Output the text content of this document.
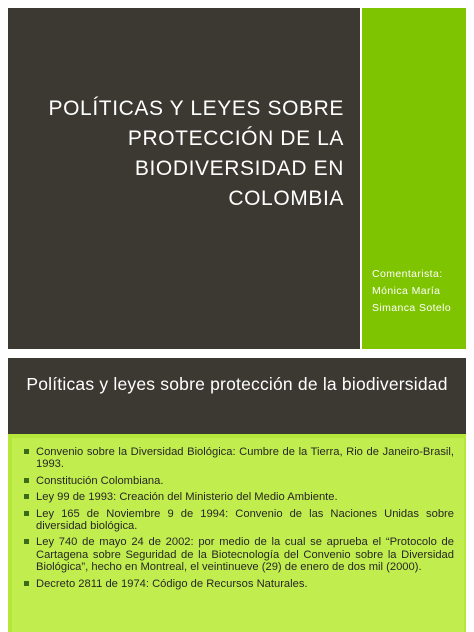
POLÍTICAS Y LEYES SOBRE PROTECCIÓN DE LA BIODIVERSIDAD EN COLOMBIA
Comentarista:
Mónica María Simanca Sotelo
Políticas y leyes sobre protección de la biodiversidad
Convenio sobre la Diversidad Biológica: Cumbre de la Tierra, Rio de Janeiro-Brasil, 1993.
Constitución Colombiana.
Ley 99 de 1993: Creación del Ministerio del Medio Ambiente.
Ley 165 de Noviembre 9 de 1994: Convenio de las Naciones Unidas sobre diversidad biológica.
Ley 740 de mayo 24 de 2002: por medio de la cual se aprueba el “Protocolo de Cartagena sobre Seguridad de la Biotecnología del Convenio sobre la Diversidad Biológica”, hecho en Montreal, el veintinueve (29) de enero de dos mil (2000).
Decreto 2811 de 1974: Código de Recursos Naturales.
